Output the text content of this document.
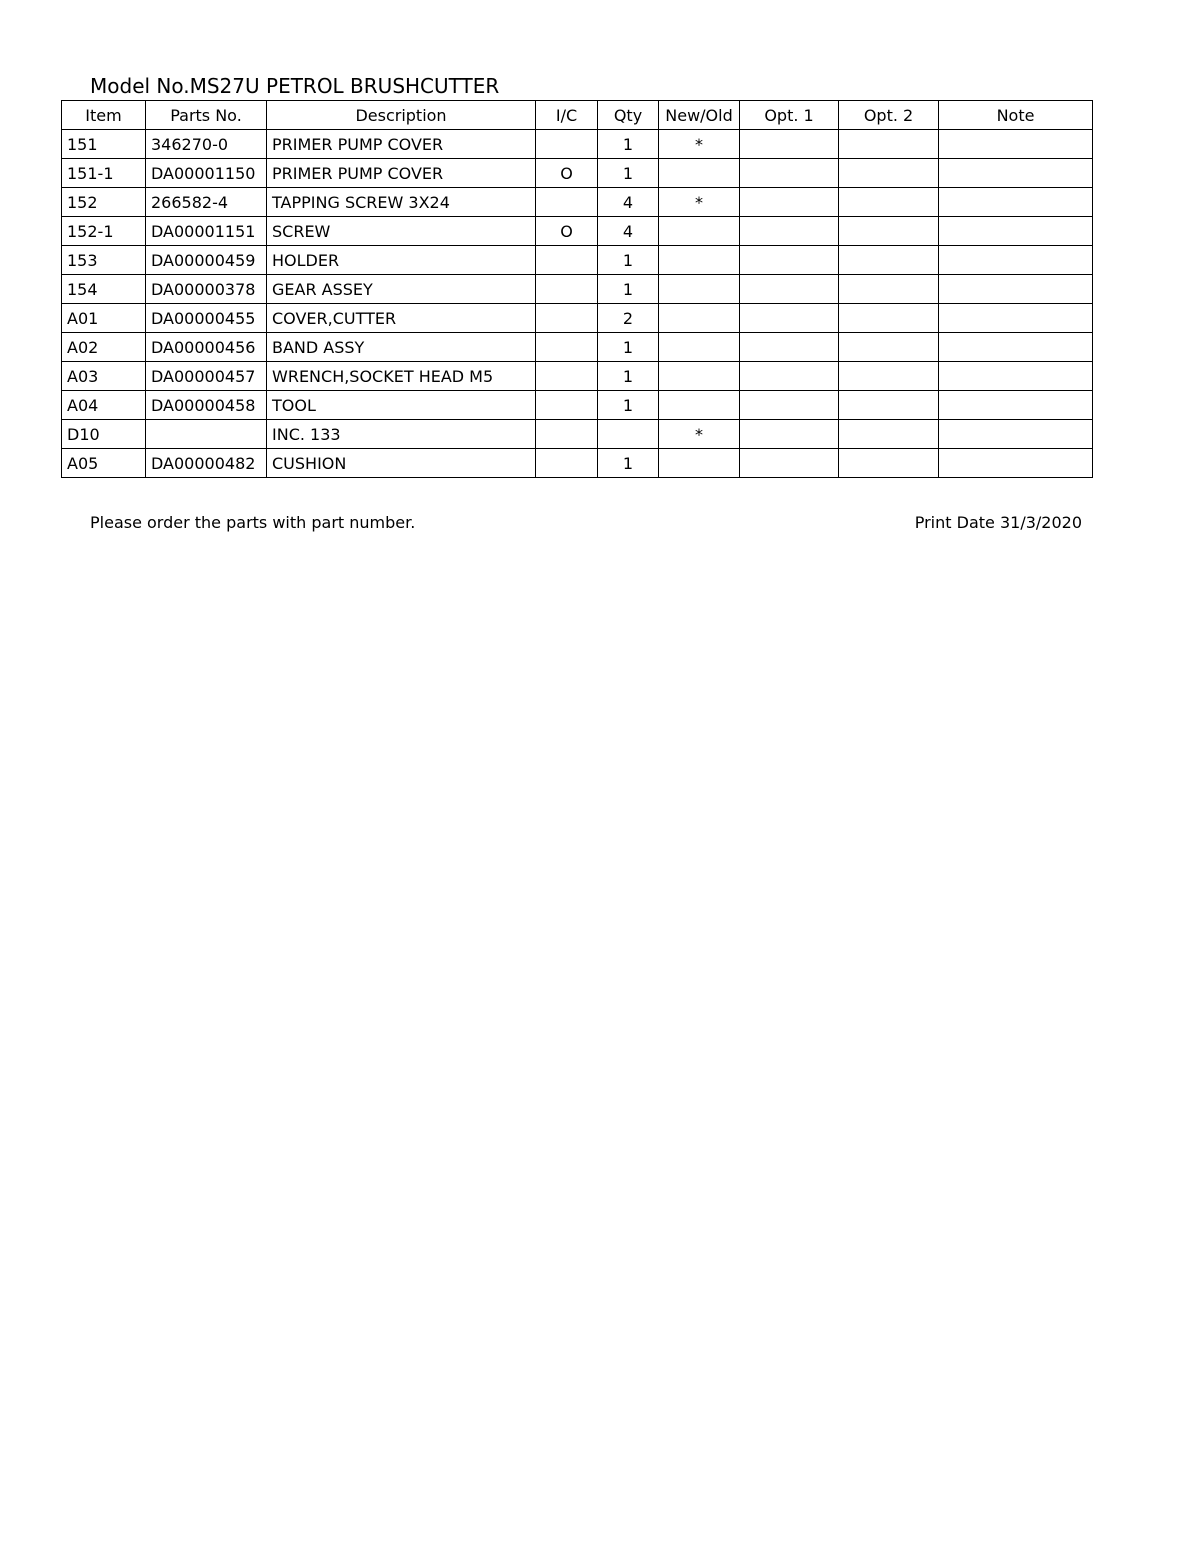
Model No.MS27U PETROL BRUSHCUTTER
Item	Parts No.	Description	I/C	Qty	New/Old	Opt. 1	Opt. 2	Note
151	346270-0	PRIMER PUMP COVER		1	*			
151-1	DA00001150	PRIMER PUMP COVER	O	1				
152	266582-4	TAPPING SCREW 3X24		4	*			
152-1	DA00001151	SCREW	O	4				
153	DA00000459	HOLDER		1				
154	DA00000378	GEAR ASSEY		1				
A01	DA00000455	COVER,CUTTER		2				
A02	DA00000456	BAND ASSY		1				
A03	DA00000457	WRENCH,SOCKET HEAD M5		1				
A04	DA00000458	TOOL		1				
D10		INC. 133			*			
A05	DA00000482	CUSHION		1				
Please order the parts with part number.	Print Date 31/3/2020
